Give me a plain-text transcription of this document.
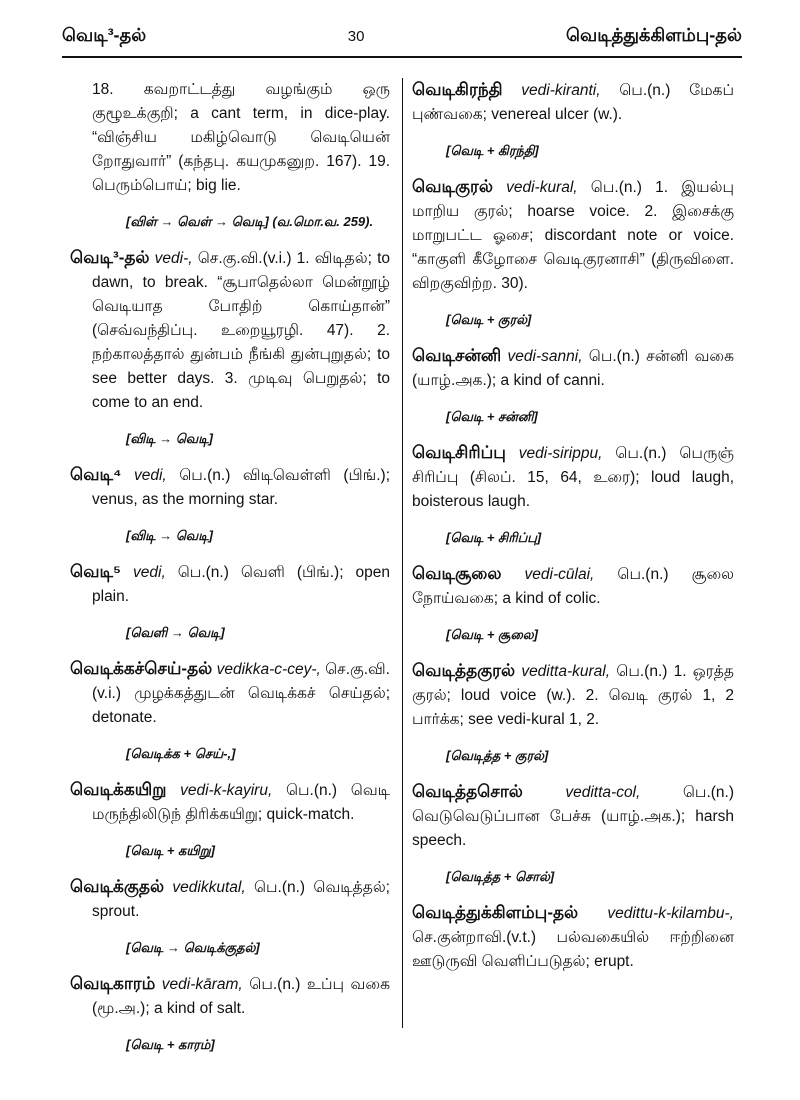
வெடி³-தல்	30	வெடித்துக்கிளம்பு-தல்
18. கவறாட்டத்து வழங்கும் ஒரு குழூஉக்குறி; a cant term, in dice-play. “விஞ்சிய மகிழ்வொடு வெடியென் றோதுவார்” (கந்தபு. கயமுகனுற. 167). 19. பெரும்பொய்; big lie.
[விள் → வெள் → வெடி] (வ.மொ.வ. 259).
வெடி³-தல் vedi-, செ.கு.வி.(v.i.) 1. விடிதல்; to dawn, to break. “சூபாதெல்லா மென்றூழ் வெடியாத போதிற் கொய்தான்” (செவ்வந்திப்பு. உறையூரழி. 47). 2. நற்காலத்தால் துன்பம் நீங்கி துன்புறுதல்; to see better days. 3. முடிவு பெறுதல்; to come to an end.
[விடி → வெடி]
வெடி⁴ vedi, பெ.(n.) விடிவெள்ளி (பிங்.); venus, as the morning star.
[விடி → வெடி]
வெடி⁵ vedi, பெ.(n.) வெளி (பிங்.); open plain.
[வெளி → வெடி]
வெடிக்கச்செய்-தல் vedikka-c-cey-, செ.கு.வி. (v.i.) முழக்கத்துடன் வெடிக்கச் செய்தல்; detonate.
[வெடிக்க + செய்-,]
வெடிக்கயிறு vedi-k-kayiru, பெ.(n.) வெடி மருந்திலிடுந் திரிக்கயிறு; quick-match.
[வெடி + கயிறு]
வெடிக்குதல் vedikkutal, பெ.(n.) வெடித்தல்; sprout.
[வெடி → வெடிக்குதல்]
வெடிகாரம் vedi-kāram, பெ.(n.) உப்பு வகை (மூ.அ.); a kind of salt.
[வெடி + காரம்]
வெடிகிரந்தி vedi-kiranti, பெ.(n.) மேகப் புண்வகை; venereal ulcer (w.).
[வெடி + கிரந்தி]
வெடிகுரல் vedi-kural, பெ.(n.) 1. இயல்பு மாறிய குரல்; hoarse voice. 2. இசைக்கு மாறுபட்ட ஓசை; discordant note or voice. “காகுளி கீழோசை வெடிகுரனாசி” (திருவிளை. விறகுவிற்ற. 30).
[வெடி + குரல்]
வெடிசன்னி vedi-sanni, பெ.(n.) சன்னி வகை (யாழ்.அக.); a kind of canni.
[வெடி + சன்னி]
வெடிசிரிப்பு vedi-sirippu, பெ.(n.) பெருஞ் சிரிப்பு (சிலப். 15, 64, உரை); loud laugh, boisterous laugh.
[வெடி + சிரிப்பு]
வெடிசூலை vedi-cūlai, பெ.(n.) சூலை நோய்வகை; a kind of colic.
[வெடி + சூலை]
வெடித்தகுரல் veditta-kural, பெ.(n.) 1. ஒரத்த குரல்; loud voice (w.). 2. வெடி குரல் 1, 2 பார்க்க; see vedi-kural 1, 2.
[வெடித்த + குரல்]
வெடித்தசொல் veditta-col, பெ.(n.) வெடுவெடுப்பான பேச்சு (யாழ்.அக.); harsh speech.
[வெடித்த + சொல்]
வெடித்துக்கிளம்பு-தல் vedittu-k-kilambu-, செ.குன்றாவி.(v.t.) பல்வகையில் ஈற்றினை ஊடுருவி வெளிப்படுதல்; erupt.
